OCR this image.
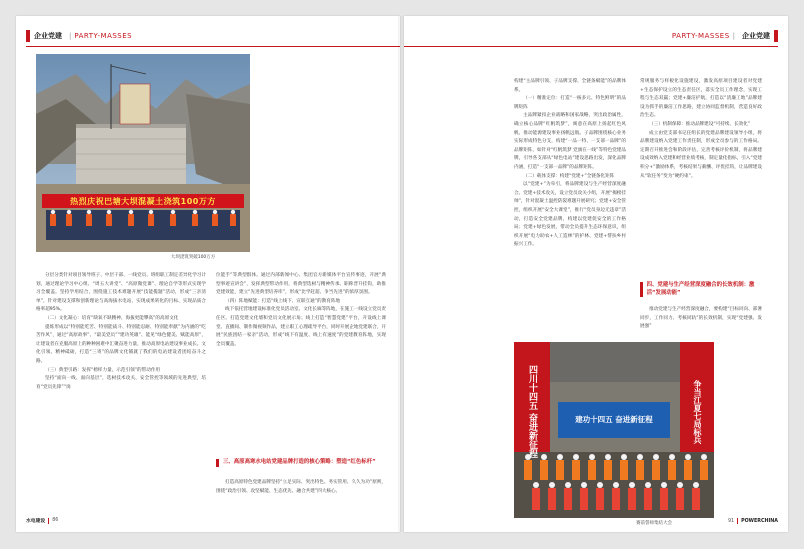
企业党建	| PARTY-MASSES
热烈庆祝巴塘大坝混凝土浇筑100万方
大坝浇筑突破100万方

分层分类针对项目领导班子、中层干部、一线党员、班组职工制定差异化学习计划，通过理论学习中心组、“周五大讲堂”、“高原微党课”、理论自学等形式实现学习全覆盖。坚持学用结合，围绕施工技术难题开展“技能揽题”活动，形成“三亲清单”，针对建设支撑和创新理论与高海拔水电站，实现成果转化的目标、实现品质合格率超95%。

（二）文化凝心：培育“缺氧不缺精神、海拔更能攀高”的高原文化

提炼形成以“特别能吃苦、特别能战斗、特别能忍耐、特别能奉献”为内涵的“吃苦作风”，通过“高原故事”、“最美党员”“建功英雄”、能见“绿色健美、赋能高原”，让建设者在克服高原上的种种困难中汇聚奋进力量，推动高原电站建设事业成长。文化引领、精神砥砺，打造“三寄”的品牌文化铺就了我们的电站建设者团结奋斗之路。

（三）典型引路：发挥“榜样力量，示范引领”的带动作用

坚持“面向一线、面向基层”，选树技术攻关、安全管控等领域的先进典型，培育“党员先锋”“岗

位能手”等典型群体。通过内部新闻中心、集团官方新媒体平台宣传事迹，开展“典型事迹宣讲会”，发挥典型带动作用，将典型选树与精神传承、职称晋升挂钩，助推党建效能，建立“先进典型培养库”，形成“比学赶超、争当先进”的浓厚氛围。

（四）阵地赋能：打造“线上线下、宣联互通”的教育阵地

线下依托营地建设标准化党员活动室、文化长廊等阵地，在施工一线设立党员责任区。打造党建文化墙和党员文化展示角；线上打造“智慧党建”平台，开设线上课堂、直播间、制作微视频作品，建立职工心理疏导平台，同时开展企地党建联合，开展“民族团结一家亲”活动，形成“线下有温度、线上有速度”的党建教育阵地，实现全员覆盖。

三、高原高寒水电站党建品牌打造的核心策略：塑造“红色标杆”

打造高原特色党建品牌坚持“立足实际、突出特色、务实管用、久久为功”原则，围绕“政治引领、攻坚赋能、生态优先、融合共建”四大核心。

水电建设 86
PARTY-MASSES |	企业党建

构建“主品牌引领、子品牌支撑、全链条赋能”的品牌体系。

（一）精准定位：打造“一核多元、特色鲜明”的品牌矩阵

主品牌紧扣企业战略和国家战略，突出政治属性，确立核心品牌“红帆筑梦”，寓意在高原上扬起红色风帆、推动能源建设事业扬帆远航。子品牌围绕核心业务实际形成特色分支，构建“一品一特、一支部一品牌”的品牌矩阵，如针对“红帆筑梦 党旗在一线”等特色党建品牌，引导各支部从“绿色电站”建设思路出发，深化品牌内涵，打造“一支部一品牌”的品牌矩阵。

（二）载体支撑：构建“党建+”全链条化矩阵

以“党建+”为牵引，将品牌建设与生产经营深度融合。党建+技术攻关，设立党员攻关小组，开展“揭榜挂帅”，针对混凝土温控防裂难题开展研究；党建+安全管控，组织开展“安全大课堂”，推行“党员身边无违章”活动，打造安全党建品牌，构建以党建促安全的工作格局；党建+绿色发展，带动全员提升生态环保意识，组织开展“电力助农+人工造林”的护林、党建+帮扶乡村振兴工作。

常规服务与样板化设施建设，激发高原项目建设者对党建+生态保护设立的生态责任区，落实全员工作理念，实现工程与生态双赢；党建+廉洁护航，打造以“清廉工地”品牌建设为抓手的廉洁工作思路，建立协同监督机制，营造良好政治生态。

（三）机制保障：推动品牌建设“可持续、长效化”

成立由党支部书记任组长的党建品牌建设领导小组，将品牌建设纳入党建工作责任制，形成全员参与的工作格局。定期召开推进会和阶段评估，完善考核评价机制，将品牌建设成效纳入党建和经营业绩考核，制定量化指标，引入“党建积分+”激励体系，考核结果与薪酬、评优挂钩，让品牌建设从“软任务”变为“硬约束”。

四、党建与生产经营深度融合的长效机制：激活“发展动能”

推动党建与生产经营深度融合，要构建“目标同向、部署同步、工作同力、考核同轨”的长效机制，实现“党建强、发展强”

四川十四五 奋进新征程	争当江夏七局标兵
建功十四五 奋进新征程
赛前誓师集结大会	91 POWERCHINA
